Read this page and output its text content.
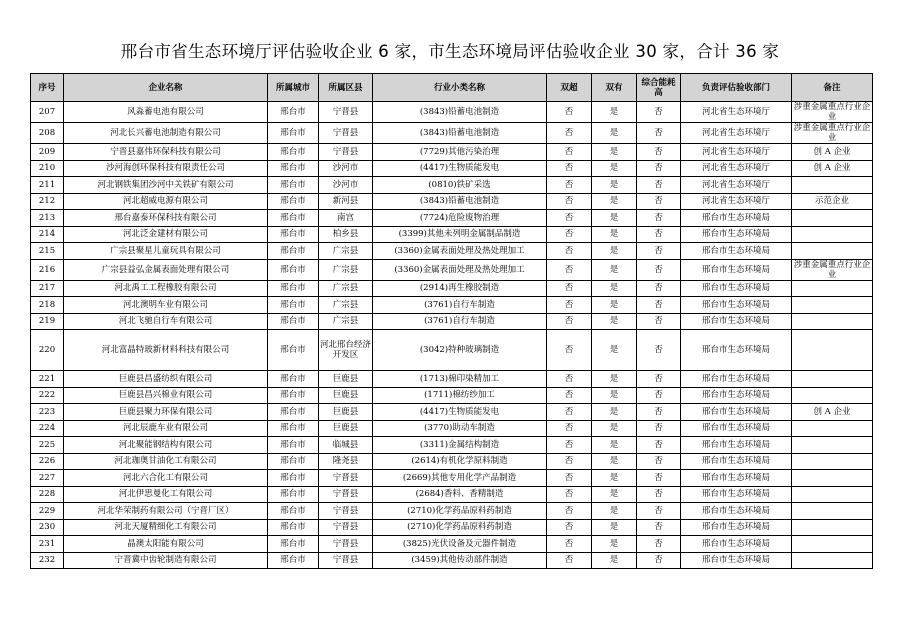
邢台市省生态环境厅评估验收企业 6 家，市生态环境局评估验收企业 30 家，合计 36 家
序号	企业名称	所属城市	所属区县	行业小类名称	双超	双有	综合能耗高	负责评估验收部门	备注
207	风淼蓄电池有限公司	邢台市	宁晋县	(3843)铅蓄电池制造	否	是	否	河北省生态环境厅	涉重金属重点行业企业
208	河北长兴蓄电池制造有限公司	邢台市	宁晋县	(3843)铅蓄电池制造	否	是	否	河北省生态环境厅	涉重金属重点行业企业
209	宁晋县嘉伟环保科技有限公司	邢台市	宁晋县	(7729)其他污染治理	否	是	否	河北省生态环境厅	创 A 企业
210	沙河海创环保科技有限责任公司	邢台市	沙河市	(4417)生物质能发电	否	是	否	河北省生态环境厅	创 A 企业
211	河北钢铁集团沙河中关铁矿有限公司	邢台市	沙河市	(0810)铁矿采选	否	是	否	河北省生态环境厅	
212	河北超威电源有限公司	邢台市	新河县	(3843)铅蓄电池制造	否	是	否	河北省生态环境厅	示范企业
213	邢台嘉泰环保科技有限公司	邢台市	南宫	(7724)危险废物治理	否	是	否	邢台市生态环境局	
214	河北泛金建材有限公司	邢台市	柏乡县	(3399)其他未列明金属制品制造	否	是	否	邢台市生态环境局	
215	广宗县聚星儿童玩具有限公司	邢台市	广宗县	(3360)金属表面处理及热处理加工	否	是	否	邢台市生态环境局	
216	广宗县益弘金属表面处理有限公司	邢台市	广宗县	(3360)金属表面处理及热处理加工	否	是	否	邢台市生态环境局	涉重金属重点行业企业
217	河北禹工工程橡胶有限公司	邢台市	广宗县	(2914)再生橡胶制造	否	是	否	邢台市生态环境局	
218	河北澳明车业有限公司	邢台市	广宗县	(3761)自行车制造	否	是	否	邢台市生态环境局	
219	河北飞驰自行车有限公司	邢台市	广宗县	(3761)自行车制造	否	是	否	邢台市生态环境局	
220	河北富晶特玻新材料科技有限公司	邢台市	河北邢台经济开发区	(3042)特种玻璃制造	否	是	否	邢台市生态环境局	
221	巨鹿县昌盛纺织有限公司	邢台市	巨鹿县	(1713)棉印染精加工	否	是	否	邢台市生态环境局	
222	巨鹿县昌兴棉业有限公司	邢台市	巨鹿县	(1711)棉纺纱加工	否	是	否	邢台市生态环境局	
223	巨鹿县聚力环保有限公司	邢台市	巨鹿县	(4417)生物质能发电	否	是	否	邢台市生态环境局	创 A 企业
224	河北辰鹿车业有限公司	邢台市	巨鹿县	(3770)助动车制造	否	是	否	邢台市生态环境局	
225	河北聚能钢结构有限公司	邢台市	临城县	(3311)金属结构制造	否	是	否	邢台市生态环境局	
226	河北珈奥甘油化工有限公司	邢台市	隆尧县	(2614)有机化学原料制造	否	是	否	邢台市生态环境局	
227	河北六合化工有限公司	邢台市	宁晋县	(2669)其他专用化学产品制造	否	是	否	邢台市生态环境局	
228	河北伊思曼化工有限公司	邢台市	宁晋县	(2684)香料、香精制造	否	是	否	邢台市生态环境局	
229	河北华荣制药有限公司（宁晋厂区）	邢台市	宁晋县	(2710)化学药品原料药制造	否	是	否	邢台市生态环境局	
230	河北天厦精细化工有限公司	邢台市	宁晋县	(2710)化学药品原料药制造	否	是	否	邢台市生态环境局	
231	晶澳太阳能有限公司	邢台市	宁晋县	(3825)光伏设备及元器件制造	否	是	否	邢台市生态环境局	
232	宁晋冀中齿轮制造有限公司	邢台市	宁晋县	(3459)其他传动部件制造	否	是	否	邢台市生态环境局	
